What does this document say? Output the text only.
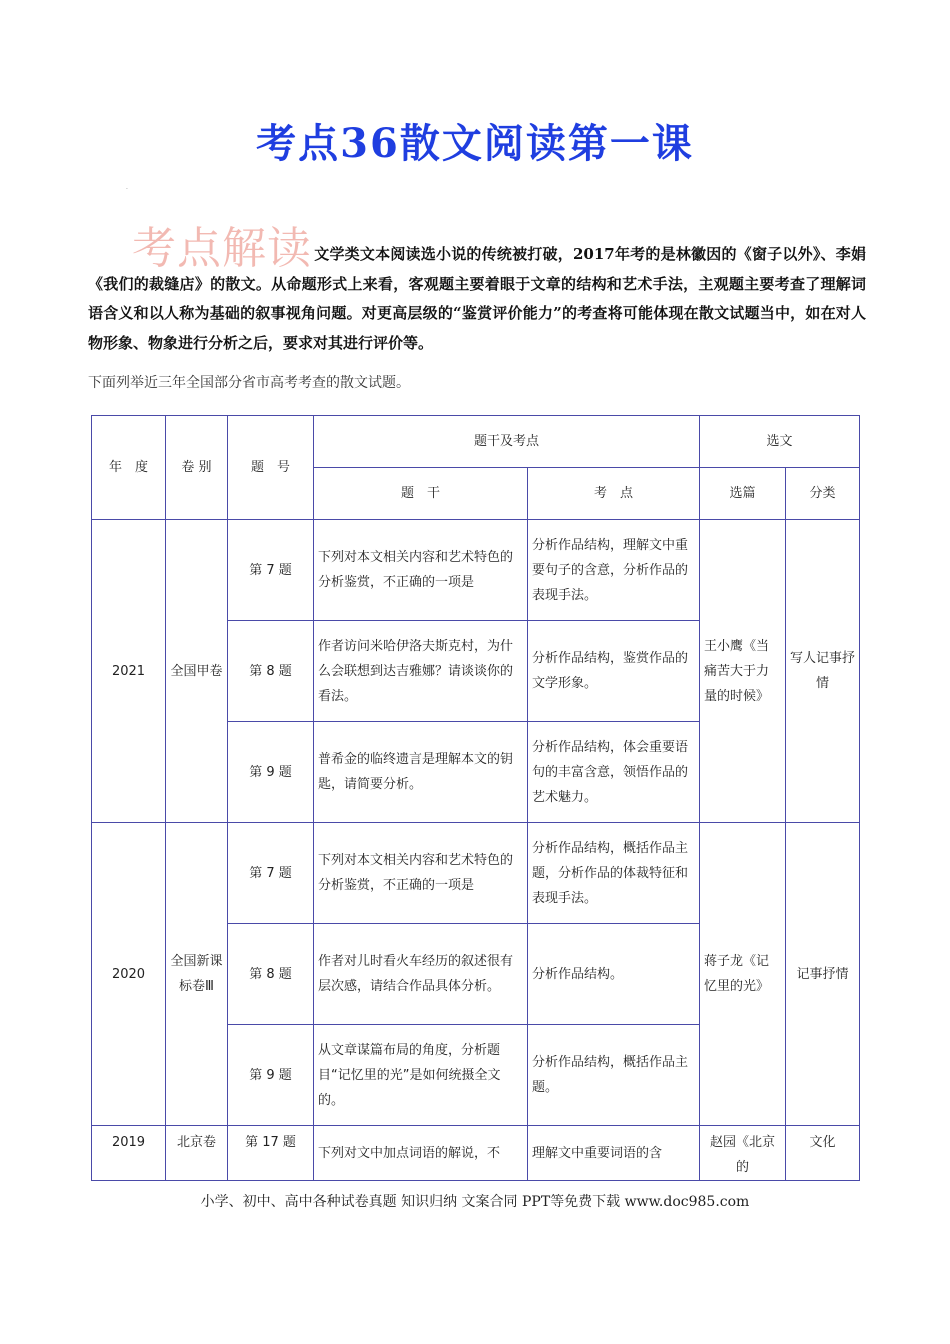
考点36散文阅读第一课
·
考点解读 文学类文本阅读选小说的传统被打破，2017年考的是林徽因的《窗子以外》、李娟《我们的裁缝店》的散文。从命题形式上来看，客观题主要着眼于文章的结构和艺术手法，主观题主要考查了理解词语含义和以人称为基础的叙事视角问题。对更高层级的“鉴赏评价能力”的考查将可能体现在散文试题当中，如在对人物形象、物象进行分析之后，要求对其进行评价等。
下面列举近三年全国部分省市高考考查的散文试题。
年　度	卷 别	题　号	题干及考点		选文	
			题　干	考　点	选篇	分类
2021	全国甲卷	第 7 题	下列对本文相关内容和艺术特色的分析鉴赏，不正确的一项是	分析作品结构，理解文中重要句子的含意，分析作品的表现手法。	王小鹰《当痛苦大于力量的时候》	写人记事抒情
		第 8 题	作者访问米哈伊洛夫斯克村，为什么会联想到达吉雅娜？请谈谈你的看法。	分析作品结构，鉴赏作品的文学形象。		
		第 9 题	普希金的临终遗言是理解本文的钥匙，请简要分析。	分析作品结构，体会重要语句的丰富含意，领悟作品的艺术魅力。		
2020	全国新课标卷Ⅲ	第 7 题	下列对本文相关内容和艺术特色的分析鉴赏，不正确的一项是	分析作品结构，概括作品主题，分析作品的体裁特征和表现手法。	蒋子龙《记忆里的光》	记事抒情
		第 8 题	作者对儿时看火车经历的叙述很有层次感，请结合作品具体分析。	分析作品结构。		
		第 9 题	从文章谋篇布局的角度，分析题目“记忆里的光”是如何统摄全文的。	分析作品结构，概括作品主题。		
2019	北京卷	第 17 题	下列对文中加点词语的解说，不	理解文中重要词语的含	赵园《北京的	文化
小学、初中、高中各种试卷真题 知识归纳 文案合同 PPT等免费下载 www.doc985.com
